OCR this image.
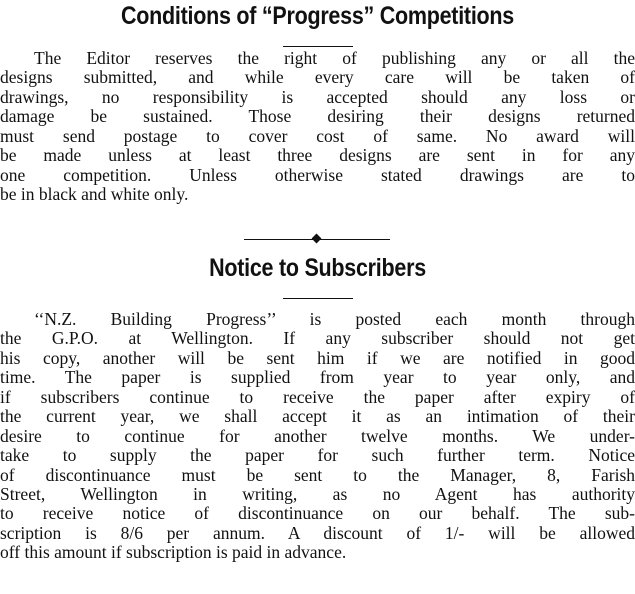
Conditions of “Progress” Competitions
The Editor reserves the right of publishing any or all the
designs submitted, and while every care will be taken of
drawings, no responsibility is accepted should any loss or
damage be sustained. Those desiring their designs returned
must send postage to cover cost of same. No award will
be made unless at least three designs are sent in for any
one competition. Unless otherwise stated drawings are to
be in black and white only.
Notice to Subscribers
‘‘N.Z. Building Progress’’ is posted each month through
the G.P.O. at Wellington. If any subscriber should not get
his copy, another will be sent him if we are notified in good
time. The paper is supplied from year to year only, and
if subscribers continue to receive the paper after expiry of
the current year, we shall accept it as an intimation of their
desire to continue for another twelve months. We under-
take to supply the paper for such further term. Notice
of discontinuance must be sent to the Manager, 8, Farish
Street, Wellington in writing, as no Agent has authority
to receive notice of discontinuance on our behalf. The sub-
scription is 8/6 per annum. A discount of 1/- will be allowed
off this amount if subscription is paid in advance.
